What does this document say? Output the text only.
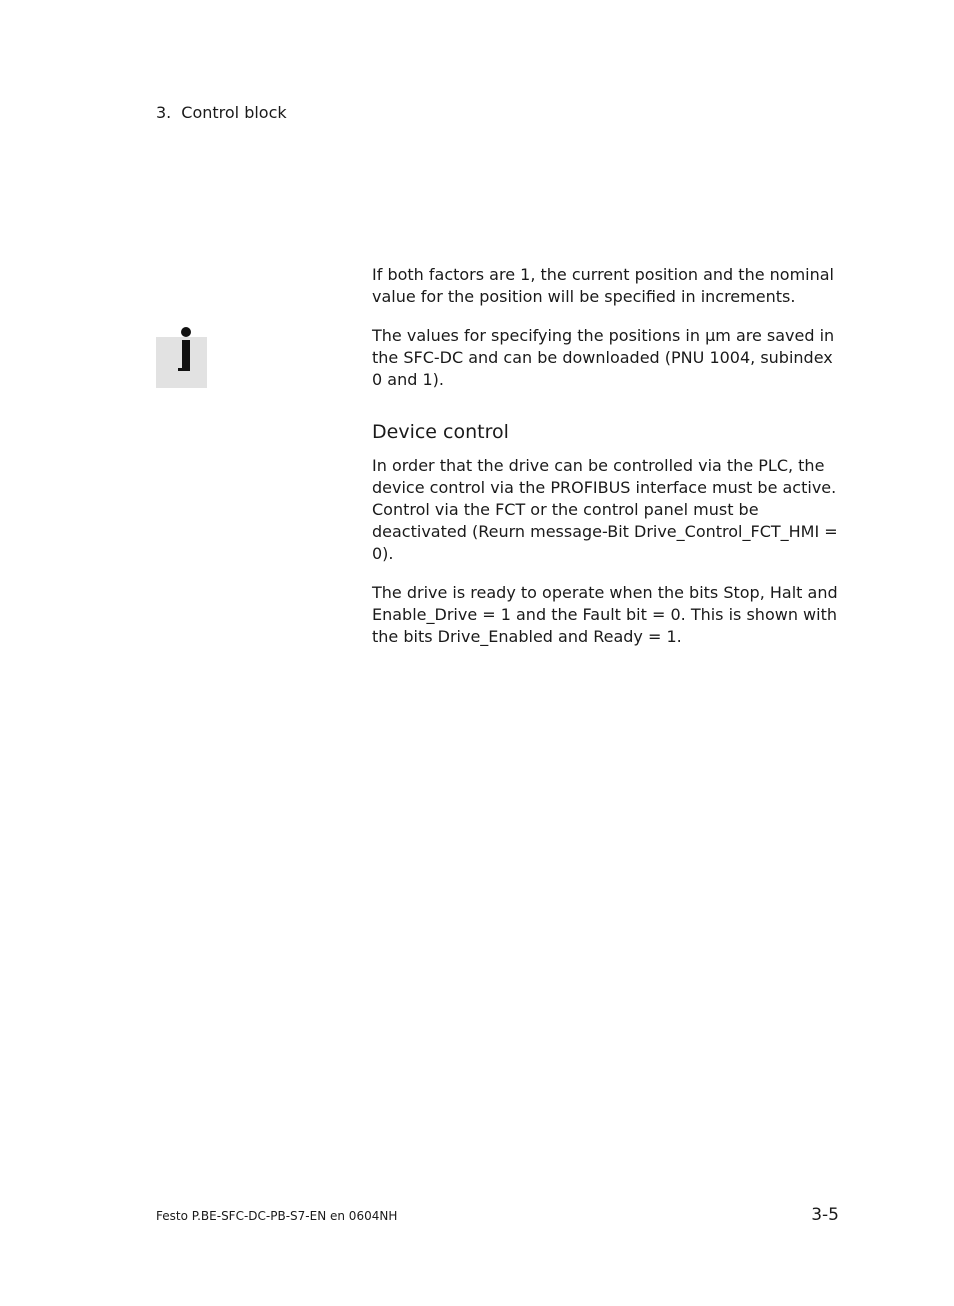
3. Control block

If both factors are 1, the current position and the nominal value for the position will be specified in increments.

The values for specifying the positions in µm are saved in the SFC-DC and can be downloaded (PNU 1004, subindex 0 and 1).

Device control

In order that the drive can be controlled via the PLC, the device control via the PROFIBUS interface must be active. Control via the FCT or the control panel must be deactivated (Reurn message-Bit Drive_Control_FCT_HMI = 0).

The drive is ready to operate when the bits Stop, Halt and Enable_Drive = 1 and the Fault bit = 0. This is shown with the bits Drive_Enabled and Ready = 1.

Festo P.BE-SFC-DC-PB-S7-EN en 0604NH	3-5
